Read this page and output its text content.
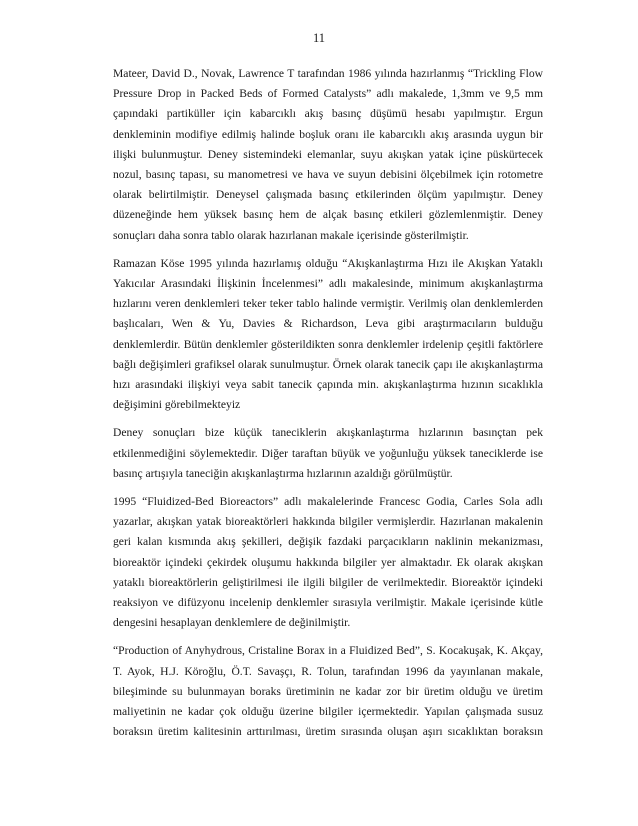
11

Mateer, David D., Novak, Lawrence T tarafından 1986 yılında hazırlanmış “Trickling Flow Pressure Drop in Packed Beds of Formed Catalysts” adlı makalede, 1,3mm ve 9,5 mm çapındaki partiküller için kabarcıklı akış basınç düşümü hesabı yapılmıştır. Ergun denkleminin modifiye edilmiş halinde boşluk oranı ile kabarcıklı akış arasında uygun bir ilişki bulunmuştur. Deney sistemindeki elemanlar, suyu akışkan yatak içine püskürtecek nozul, basınç tapası, su manometresi ve hava ve suyun debisini ölçebilmek için rotometre olarak belirtilmiştir. Deneysel çalışmada basınç etkilerinden ölçüm yapılmıştır. Deney düzeneğinde hem yüksek basınç hem de alçak basınç etkileri gözlemlenmiştir. Deney sonuçları daha sonra tablo olarak hazırlanan makale içerisinde gösterilmiştir.

Ramazan Köse 1995 yılında hazırlamış olduğu “Akışkanlaştırma Hızı ile Akışkan Yataklı Yakıcılar Arasındaki İlişkinin İncelenmesi” adlı makalesinde, minimum akışkanlaştırma hızlarını veren denklemleri teker teker tablo halinde vermiştir. Verilmiş olan denklemlerden başlıcaları, Wen & Yu, Davies & Richardson, Leva gibi araştırmacıların bulduğu denklemlerdir. Bütün denklemler gösterildikten sonra denklemler irdelenip çeşitli faktörlere bağlı değişimleri grafiksel olarak sunulmuştur. Örnek olarak tanecik çapı ile akışkanlaştırma hızı arasındaki ilişkiyi veya sabit tanecik çapında min. akışkanlaştırma hızının sıcaklıkla değişimini görebilmekteyiz

Deney sonuçları bize küçük taneciklerin akışkanlaştırma hızlarının basınçtan pek etkilenmediğini söylemektedir. Diğer taraftan büyük ve yoğunluğu yüksek taneciklerde ise basınç artışıyla taneciğin akışkanlaştırma hızlarının azaldığı görülmüştür.

1995 “Fluidized-Bed Bioreactors” adlı makalelerinde Francesc Godia, Carles Sola adlı yazarlar, akışkan yatak bioreaktörleri hakkında bilgiler vermişlerdir. Hazırlanan makalenin geri kalan kısmında akış şekilleri, değişik fazdaki parçacıkların naklinin mekanizması, bioreaktör içindeki çekirdek oluşumu hakkında bilgiler yer almaktadır. Ek olarak akışkan yataklı bioreaktörlerin geliştirilmesi ile ilgili bilgiler de verilmektedir. Bioreaktör içindeki reaksiyon ve difüzyonu incelenip denklemler sırasıyla verilmiştir. Makale içerisinde kütle dengesini hesaplayan denklemlere de değinilmiştir.

“Production of Anyhydrous, Cristaline Borax in a Fluidized Bed”, S. Kocakuşak, K. Akçay, T. Ayok, H.J. Köroğlu, Ö.T. Savaşçı, R. Tolun, tarafından 1996 da yayınlanan makale, bileşiminde su bulunmayan boraks üretiminin ne kadar zor bir üretim olduğu ve üretim maliyetinin ne kadar çok olduğu üzerine bilgiler içermektedir. Yapılan çalışmada susuz boraksın üretim kalitesinin arttırılması, üretim sırasında oluşan aşırı sıcaklıktan boraksın
